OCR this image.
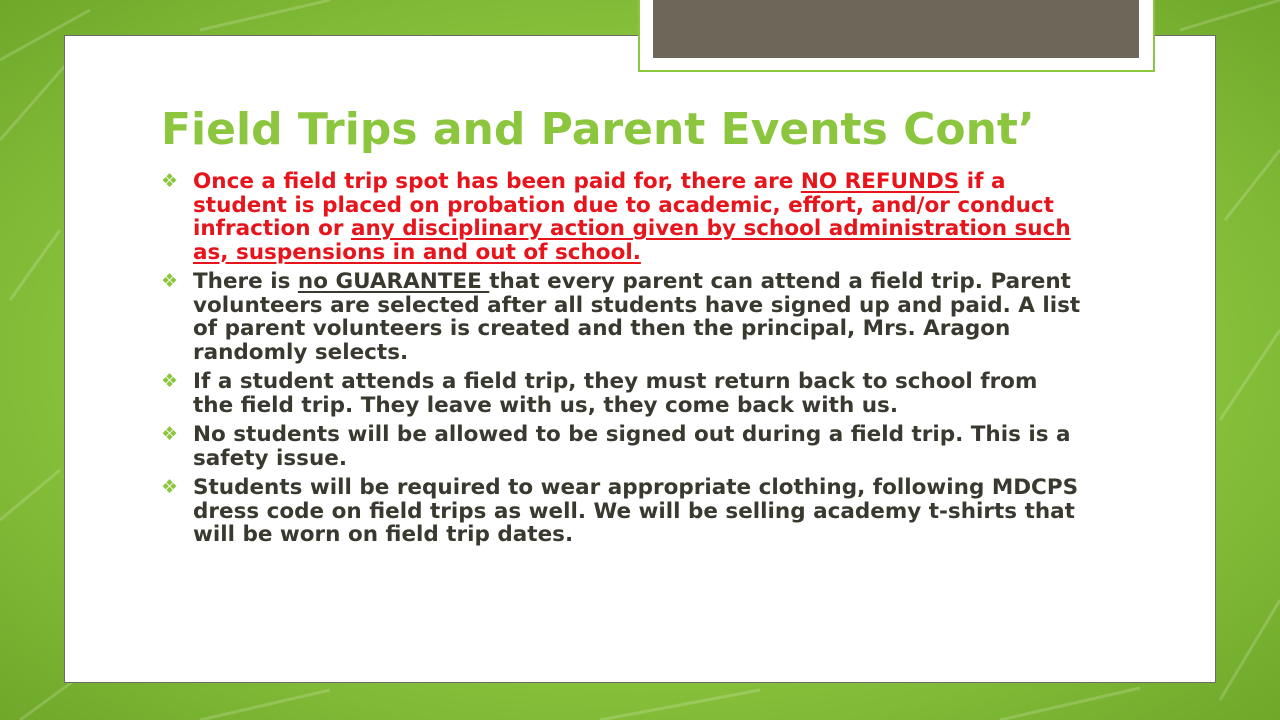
Field Trips and Parent Events Cont’
❖ Once a field trip spot has been paid for, there are NO REFUNDS if a student is placed on probation due to academic, effort, and/or conduct infraction or any disciplinary action given by school administration such as, suspensions in and out of school.
❖ There is no GUARANTEE that every parent can attend a field trip. Parent volunteers are selected after all students have signed up and paid. A list of parent volunteers is created and then the principal, Mrs. Aragon randomly selects.
❖ If a student attends a field trip, they must return back to school from the field trip. They leave with us, they come back with us.
❖ No students will be allowed to be signed out during a field trip. This is a safety issue.
❖ Students will be required to wear appropriate clothing, following MDCPS dress code on field trips as well. We will be selling academy t-shirts that will be worn on field trip dates.
